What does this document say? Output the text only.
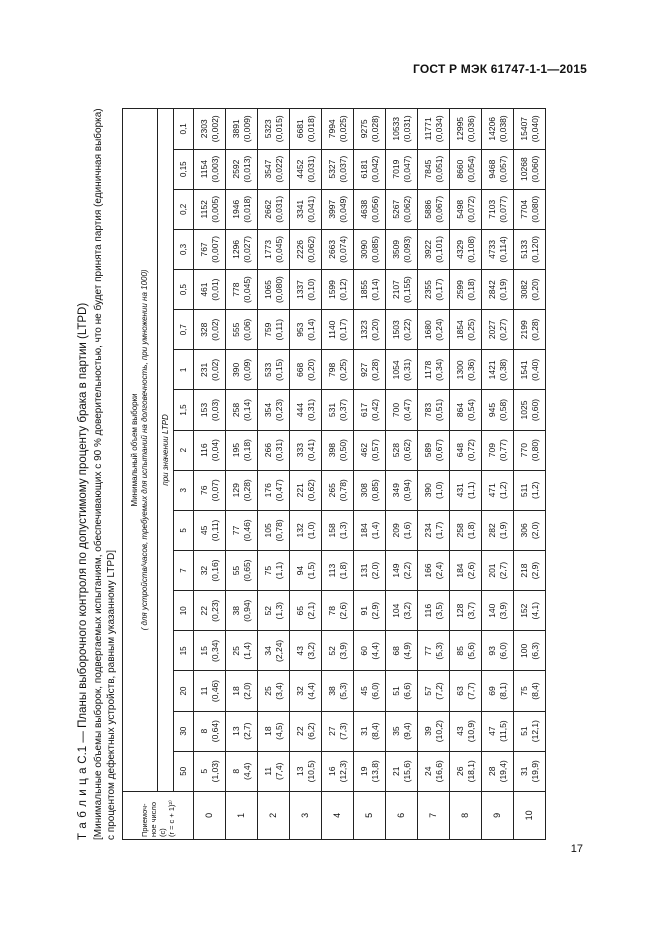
ГОСТ Р МЭК 61747-1-1—2015
Т а б л и ц а C.1 — Планы выборочного контроля по допустимому проценту брака в партии (LTPD) [Минимальные объемы выборок, подвергаемых испытаниям, обеспечивающих с 90 % доверительностью, что не будет принята партия (единичная выборка) с процентом дефектных устройств, равным указанному LTPD]	Приемоч- ное число (c) (r = c + 1)²⁾	Минимальный объем выборки ( для устройств/часов, требуемых для испытаний на долговечность, при умножении на 1000)																

	при значении LTPD																
	50	30	20	15	10	7	5	3	2	1,5	1	0,7	0,5	0,3	0,2	0,15	0,1
0	5 (1,03)	8 (0,64)	11 (0,46)	15 (0,34)	22 (0,23)	32 (0,16)	45 (0,11)	76 (0,07)	116 (0,04)	153 (0,03)	231 (0,02)	328 (0,02)	461 (0,01)	767 (0,007)	1152 (0,005)	1154 (0,003)	2303 (0,002)

1	8 (4,4)	13 (2,7)	18 (2,0)	25 (1,4)	38 (0,94)	55 (0,65)	77 (0,46)	129 (0,28)	195 (0,18)	258 (0,14)	390 (0,09)	555 (0,06)	778 (0,045)	1296 (0,027)	1946 (0,018)	2592 (0,013)	3891 (0,009)

2	11 (7,4)	18 (4,5)	25 (3,4)	34 (2,24)	52 (1,3)	75 (1,1)	105 (0,78)	176 (0,47)	266 (0,31)	354 (0,23)	533 (0,15)	759 (0,11)	1065 (0,080)	1773 (0,045)	2662 (0,031)	3547 (0,022)	5323 (0,015)

3	13 (10,5)	22 (6,2)	32 (4,4)	43 (3,2)	65 (2,1)	94 (1,5)	132 (1,0)	221 (0,62)	333 (0,41)	444 (0,31)	668 (0,20)	953 (0,14)	1337 (0,10)	2226 (0,062)	3341 (0,041)	4452 (0,031)	6681 (0,018)

4	16 (12,3)	27 (7,3)	38 (5,3)	52 (3,9)	78 (2,6)	113 (1,8)	158 (1,3)	265 (0,78)	398 (0,50)	531 (0,37)	798 (0,25)	1140 (0,17)	1599 (0,12)	2663 (0,074)	3997 (0,049)	5327 (0,037)	7994 (0,025)

5	19 (13,8)	31 (8,4)	45 (6,0)	60 (4,4)	91 (2,9)	131 (2,0)	184 (1,4)	308 (0,85)	462 (0,57)	617 (0,42)	927 (0,28)	1323 (0,20)	1855 (0,14)	3090 (0,085)	4638 (0,056)	6181 (0,042)	9275 (0,028)

6	21 (15,6)	35 (9,4)	51 (6,6)	68 (4,9)	104 (3,2)	149 (2,2)	209 (1,6)	349 (0,94)	528 (0,62)	700 (0,47)	1054 (0,31)	1503 (0,22)	2107 (0,155)	3509 (0,093)	5267 (0,062)	7019 (0,047)	10533 (0,031)

7	24 (16,6)	39 (10,2)	57 (7,2)	77 (5,3)	116 (3,5)	166 (2,4)	234 (1,7)	390 (1,0)	589 (0,67)	783 (0,51)	1178 (0,34)	1680 (0,24)	2355 (0,17)	3922 (0,101)	5886 (0,067)	7845 (0,051)	11771 (0,034)

8	26 (18,1)	43 (10,9)	63 (7,7)	85 (5,6)	128 (3,7)	184 (2,6)	258 (1,8)	431 (1,1)	648 (0,72)	864 (0,54)	1300 (0,36)	1854 (0,25)	2599 (0,18)	4329 (0,108)	5498 (0,072)	8660 (0,054)	12995 (0,036)

9	28 (19,4)	47 (11,5)	69 (8,1)	93 (6,0)	140 (3,9)	201 (2,7)	282 (1,9)	471 (1,2)	709 (0,77)	945 (0,58)	1421 (0,38)	2027 (0,27)	2842 (0,19)	4733 (0,114)	7103 (0,077)	9468 (0,057)	14206 (0,038)

10	31 (19,9)	51 (12,1)	75 (8,4)	100 (6,3)	152 (4,1)	218 (2,9)	306 (2,0)	511 (1,2)	770 (0,80)	1025 (0,60)	1541 (0,40)	2199 (0,28)	3082 (0,20)	5133 (0,120)	7704 (0,080)	10268 (0,060)	15407 (0,040)
17
